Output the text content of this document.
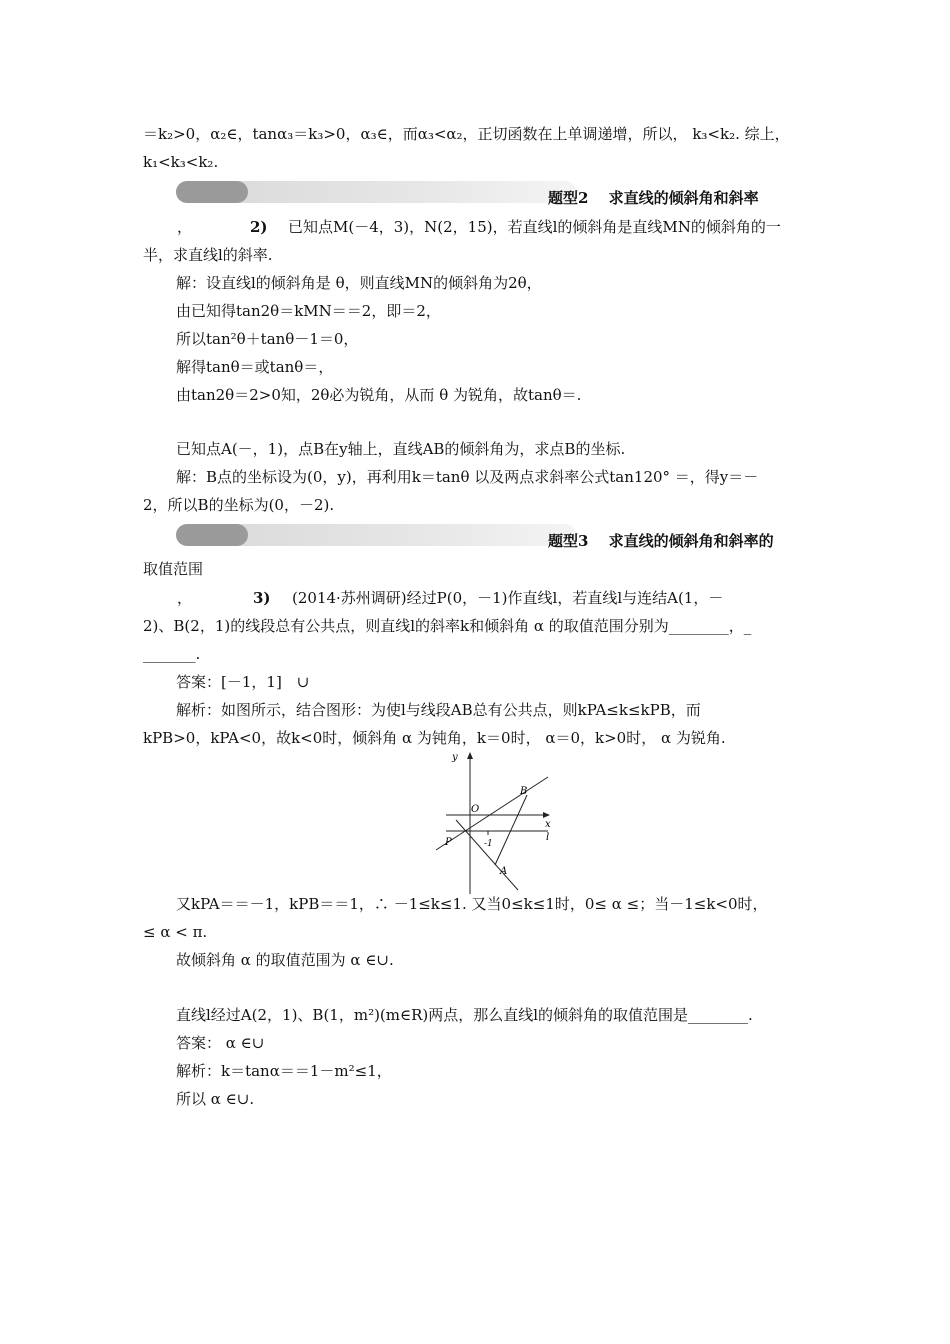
＝k₂>0，α₂∈，tanα₃＝k₃>0，α₃∈，而α₃<α₂，正切函数在上单调递增，所以， k₃<k₂. 综上，
k₁<k₃<k₂.
题型2　 求直线的倾斜角和斜率
，	2) 已知点M(－4，3)，N(2，15)，若直线l的倾斜角是直线MN的倾斜角的一
半，求直线l的斜率.
解：设直线l的倾斜角是 θ，则直线MN的倾斜角为2θ，
由已知得tan2θ＝kMN＝＝2，即＝2，
所以tan²θ＋tanθ－1＝0，
解得tanθ＝或tanθ＝，
由tan2θ＝2>0知，2θ必为锐角，从而 θ 为锐角，故tanθ＝.
已知点A(－，1)，点B在y轴上，直线AB的倾斜角为，求点B的坐标.
解：B点的坐标设为(0，y)，再利用k＝tanθ 以及两点求斜率公式tan120° ＝，得y＝－
2，所以B的坐标为(0，－2).
题型3　 求直线的倾斜角和斜率的
取值范围
，	3) (2014·苏州调研)经过P(0，－1)作直线l，若直线l与连结A(1，－
2)、B(2，1)的线段总有公共点，则直线l的斜率k和倾斜角 α 的取值范围分别为________，_
_______.
答案：[－1，1]　∪
解析：如图所示，结合图形：为使l与线段AB总有公共点，则kPA≤k≤kPB，而
kPB>0，kPA<0，故k<0时，倾斜角 α 为钝角，k＝0时， α＝0，k>0时， α 为锐角.
y
x
O
P
B
A
l
-1
又kPA＝＝－1，kPB＝＝1，∴ －1≤k≤1. 又当0≤k≤1时，0≤ α ≤；当－1≤k<0时，
≤ α < π.
故倾斜角 α 的取值范围为 α ∈∪.
直线l经过A(2，1)、B(1，m²)(m∈R)两点，那么直线l的倾斜角的取值范围是________.
答案： α ∈∪
解析：k＝tanα＝＝1－m²≤1，
所以 α ∈∪.
